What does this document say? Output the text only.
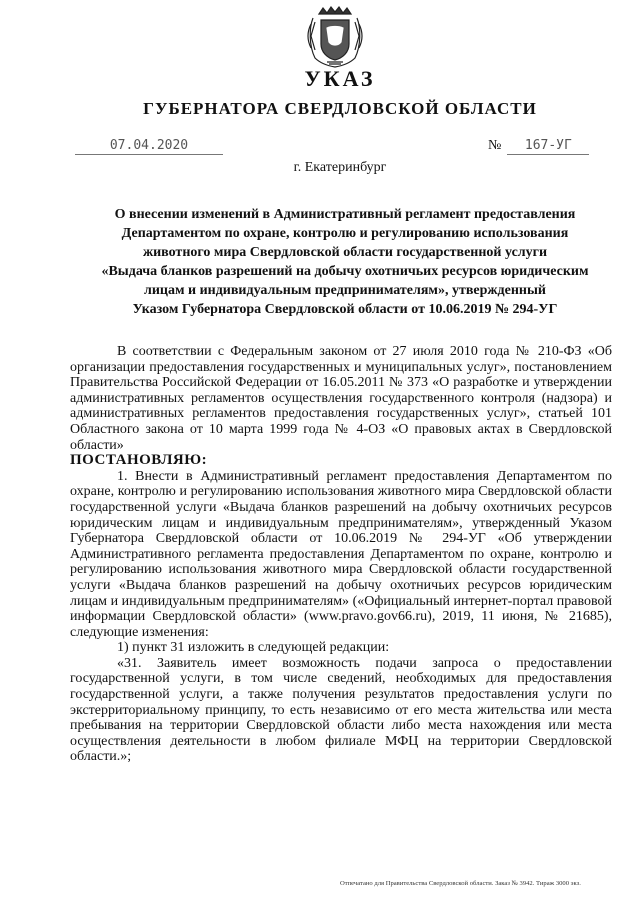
УКАЗ
ГУБЕРНАТОРА СВЕРДЛОВСКОЙ ОБЛАСТИ
07.04.2020	№ 167-УГ
г. Екатеринбург
О внесении изменений в Административный регламент предоставления
Департаментом по охране, контролю и регулированию использования
животного мира Свердловской области государственной услуги
«Выдача бланков разрешений на добычу охотничьих ресурсов юридическим
лицам и индивидуальным предпринимателям», утвержденный
Указом Губернатора Свердловской области от 10.06.2019 № 294-УГ

В соответствии с Федеральным законом от 27 июля 2010 года № 210-ФЗ «Об организации предоставления государственных и муниципальных услуг», постановлением Правительства Российской Федерации от 16.05.2011 № 373 «О разработке и утверждении административных регламентов осуществления государственного контроля (надзора) и административных регламентов предоставления государственных услуг», статьей 101 Областного закона от 10 марта 1999 года № 4-ОЗ «О правовых актах в Свердловской области»

ПОСТАНОВЛЯЮ:

1. Внести в Административный регламент предоставления Департаментом по охране, контролю и регулированию использования животного мира Свердловской области государственной услуги «Выдача бланков разрешений на добычу охотничьих ресурсов юридическим лицам и индивидуальным предпринимателям», утвержденный Указом Губернатора Свердловской области от 10.06.2019 № 294-УГ «Об утверждении Административного регламента предоставления Департаментом по охране, контролю и регулированию использования животного мира Свердловской области государственной услуги «Выдача бланков разрешений на добычу охотничьих ресурсов юридическим лицам и индивидуальным предпринимателям» («Официальный интернет-портал правовой информации Свердловской области» (www.pravo.gov66.ru), 2019, 11 июня, № 21685), следующие изменения:

1) пункт 31 изложить в следующей редакции:

«31. Заявитель имеет возможность подачи запроса о предоставлении государственной услуги, в том числе сведений, необходимых для предоставления государственной услуги, а также получения результатов предоставления услуги по экстерриториальному принципу, то есть независимо от его места жительства или места пребывания на территории Свердловской области либо места нахождения или места осуществления деятельности в любом филиале МФЦ на территории Свердловской области.»;

Отпечатано для Правительства Свердловской области. Заказ № 3942. Тираж 3000 экз.
